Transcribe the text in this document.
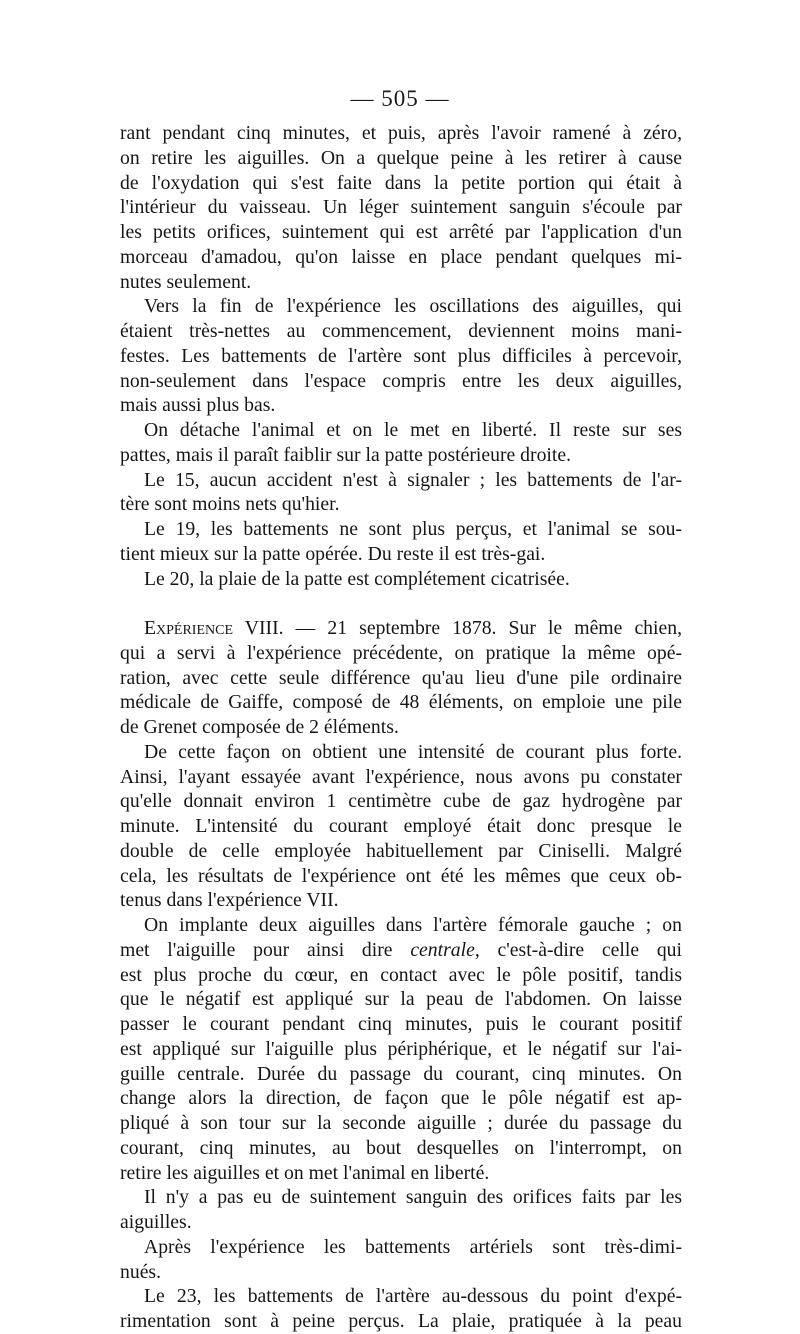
— 505 —
rant pendant cinq minutes, et puis, après l'avoir ramené à zéro,
on retire les aiguilles. On a quelque peine à les retirer à cause
de l'oxydation qui s'est faite dans la petite portion qui était à
l'intérieur du vaisseau. Un léger suintement sanguin s'écoule par
les petits orifices, suintement qui est arrêté par l'application d'un
morceau d'amadou, qu'on laisse en place pendant quelques mi-
nutes seulement.
Vers la fin de l'expérience les oscillations des aiguilles, qui
étaient très-nettes au commencement, deviennent moins mani-
festes. Les battements de l'artère sont plus difficiles à percevoir,
non-seulement dans l'espace compris entre les deux aiguilles,
mais aussi plus bas.
On détache l'animal et on le met en liberté. Il reste sur ses
pattes, mais il paraît faiblir sur la patte postérieure droite.
Le 15, aucun accident n'est à signaler ; les battements de l'ar-
tère sont moins nets qu'hier.
Le 19, les battements ne sont plus perçus, et l'animal se sou-
tient mieux sur la patte opérée. Du reste il est très-gai.
Le 20, la plaie de la patte est complétement cicatrisée.
Expérience VIII. — 21 septembre 1878. Sur le même chien,
qui a servi à l'expérience précédente, on pratique la même opé-
ration, avec cette seule différence qu'au lieu d'une pile ordinaire
médicale de Gaiffe, composé de 48 éléments, on emploie une pile
de Grenet composée de 2 éléments.
De cette façon on obtient une intensité de courant plus forte.
Ainsi, l'ayant essayée avant l'expérience, nous avons pu constater
qu'elle donnait environ 1 centimètre cube de gaz hydrogène par
minute. L'intensité du courant employé était donc presque le
double de celle employée habituellement par Ciniselli. Malgré
cela, les résultats de l'expérience ont été les mêmes que ceux ob-
tenus dans l'expérience VII.
On implante deux aiguilles dans l'artère fémorale gauche ; on
met l'aiguille pour ainsi dire centrale, c'est-à-dire celle qui
est plus proche du cœur, en contact avec le pôle positif, tandis
que le négatif est appliqué sur la peau de l'abdomen. On laisse
passer le courant pendant cinq minutes, puis le courant positif
est appliqué sur l'aiguille plus périphérique, et le négatif sur l'ai-
guille centrale. Durée du passage du courant, cinq minutes. On
change alors la direction, de façon que le pôle négatif est ap-
pliqué à son tour sur la seconde aiguille ; durée du passage du
courant, cinq minutes, au bout desquelles on l'interrompt, on
retire les aiguilles et on met l'animal en liberté.
Il n'y a pas eu de suintement sanguin des orifices faits par les
aiguilles.
Après l'expérience les battements artériels sont très-dimi-
nués.
Le 23, les battements de l'artère au-dessous du point d'expé-
rimentation sont à peine perçus. La plaie, pratiquée à la peau
